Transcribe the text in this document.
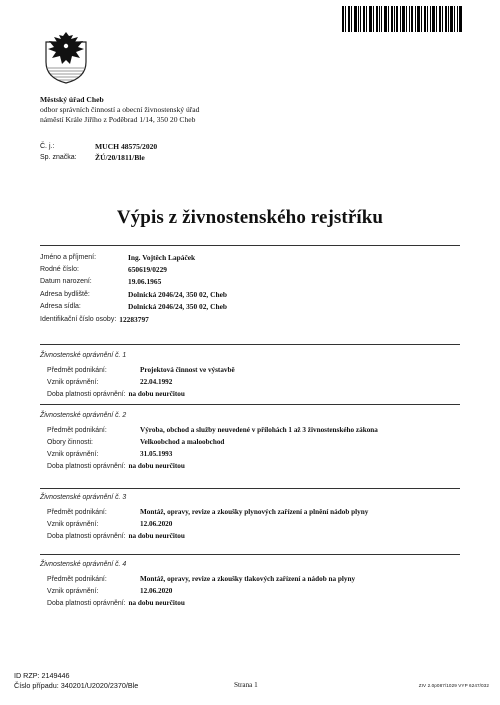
Městský úřad Cheb
odbor správních činností a obecní živnostenský úřad
náměstí Krále Jiřího z Poděbrad 1/14, 350 20 Cheb
Č. j.:	MUCH 48575/2020
Sp. značka:	ŽÚ/20/1811/Ble
Výpis z živnostenského rejstříku
Jméno a příjmení:	Ing. Vojtěch Lapáček
Rodné číslo:	650619/0229
Datum narození:	19.06.1965
Adresa bydliště:	Dolnická 2046/24, 350 02, Cheb
Adresa sídla:	Dolnická 2046/24, 350 02, Cheb
Identifikační číslo osoby: 12283797
Živnostenské oprávnění č. 1
Předmět podnikání:	Projektová činnost ve výstavbě
Vznik oprávnění:	22.04.1992
Doba platnosti oprávnění: na dobu neurčitou
Živnostenské oprávnění č. 2
Předmět podnikání:	Výroba, obchod a služby neuvedené v přílohách 1 až 3 živnostenského zákona
Obory činnosti:	Velkoobchod a maloobchod
Vznik oprávnění:	31.05.1993
Doba platnosti oprávnění: na dobu neurčitou
Živnostenské oprávnění č. 3
Předmět podnikání:	Montáž, opravy, revize a zkoušky plynových zařízení a plnění nádob plyny
Vznik oprávnění:	12.06.2020
Doba platnosti oprávnění: na dobu neurčitou
Živnostenské oprávnění č. 4
Předmět podnikání:	Montáž, opravy, revize a zkoušky tlakových zařízení a nádob na plyny
Vznik oprávnění:	12.06.2020
Doba platnosti oprávnění: na dobu neurčitou
ID RZP: 2149446
Číslo případu: 340201/U2020/2370/Ble	Strana 1	ZIV 2.0p087/1029 VYP 6247/032
